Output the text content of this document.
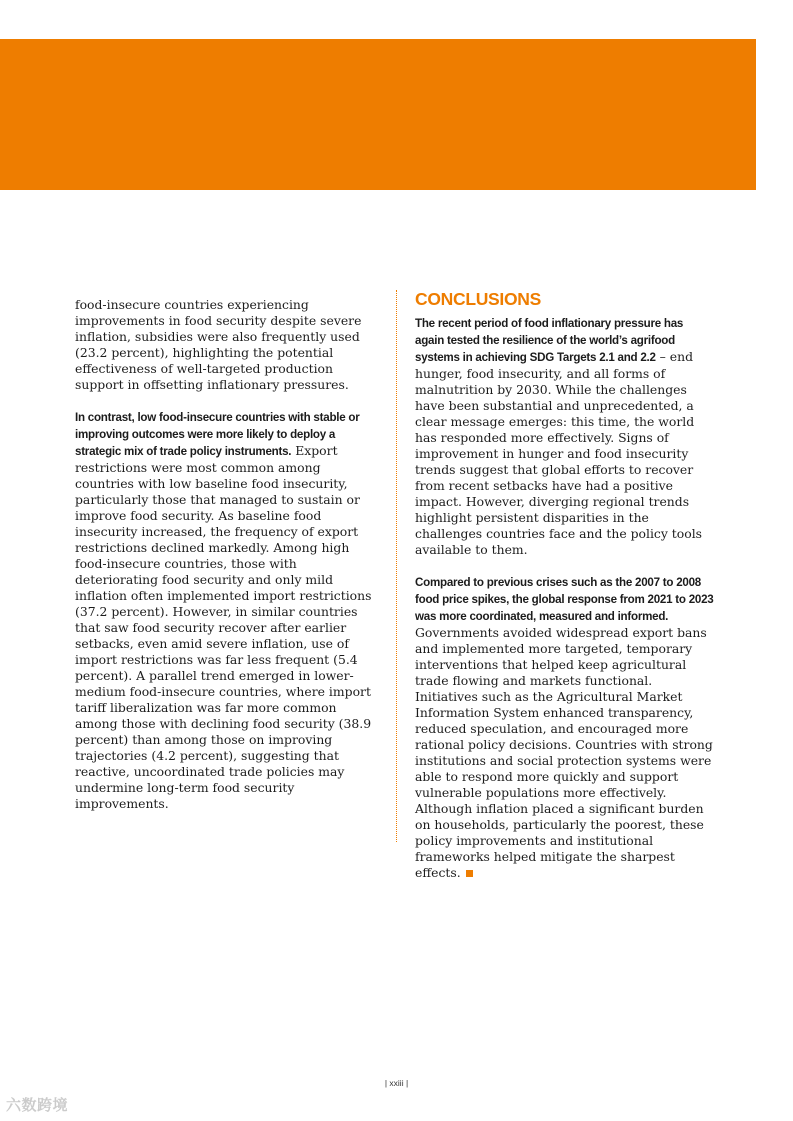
food-insecure countries experiencing improvements in food security despite severe inflation, subsidies were also frequently used (23.2 percent), highlighting the potential effectiveness of well-targeted production support in offsetting inflationary pressures.

In contrast, low food-insecure countries with stable or improving outcomes were more likely to deploy a strategic mix of trade policy instruments. Export restrictions were most common among countries with low baseline food insecurity, particularly those that managed to sustain or improve food security. As baseline food insecurity increased, the frequency of export restrictions declined markedly. Among high food-insecure countries, those with deteriorating food security and only mild inflation often implemented import restrictions (37.2 percent). However, in similar countries that saw food security recover after earlier setbacks, even amid severe inflation, use of import restrictions was far less frequent (5.4 percent). A parallel trend emerged in lower-medium food-insecure countries, where import tariff liberalization was far more common among those with declining food security (38.9 percent) than among those on improving trajectories (4.2 percent), suggesting that reactive, uncoordinated trade policies may undermine long-term food security improvements.

CONCLUSIONS

The recent period of food inflationary pressure has again tested the resilience of the world’s agrifood systems in achieving SDG Targets 2.1 and 2.2 – end hunger, food insecurity, and all forms of malnutrition by 2030. While the challenges have been substantial and unprecedented, a clear message emerges: this time, the world has responded more effectively. Signs of improvement in hunger and food insecurity trends suggest that global efforts to recover from recent setbacks have had a positive impact. However, diverging regional trends highlight persistent disparities in the challenges countries face and the policy tools available to them.

Compared to previous crises such as the 2007 to 2008 food price spikes, the global response from 2021 to 2023 was more coordinated, measured and informed. Governments avoided widespread export bans and implemented more targeted, temporary interventions that helped keep agricultural trade flowing and markets functional. Initiatives such as the Agricultural Market Information System enhanced transparency, reduced speculation, and encouraged more rational policy decisions. Countries with strong institutions and social protection systems were able to respond more quickly and support vulnerable populations more effectively. Although inflation placed a significant burden on households, particularly the poorest, these policy improvements and institutional frameworks helped mitigate the sharpest effects.

| xxiii |
六数跨境
